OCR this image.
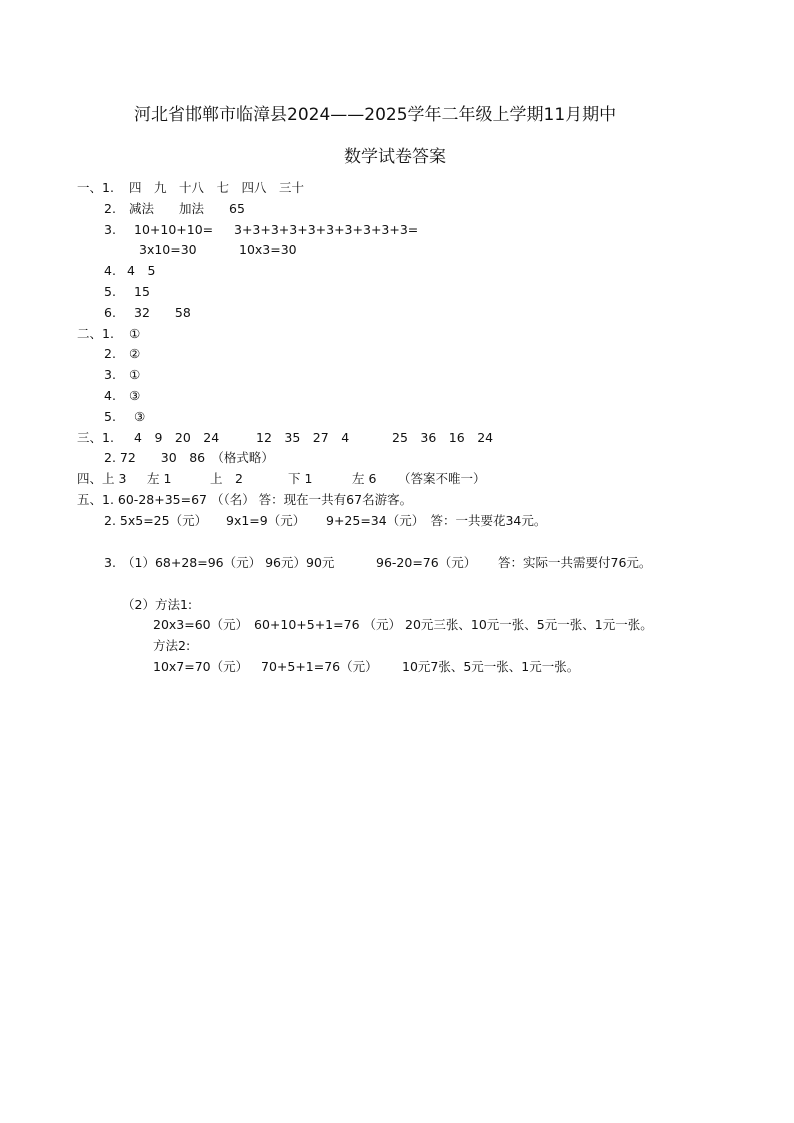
河北省邯郸市临漳县2024——2025学年二年级上学期11月期中
数学试卷答案
一、1. 四　九　十八　七　四八　三十
2. 减法　　加法　　65
3. 10+10+10= 3+3+3+3+3+3+3+3+3+3=
3x10=30	10x3=30
4. 4　5
5. 15
6. 32　　58
二、1. ①
2. ②
3. ①
4. ③
5. ③
三、1. 4　9　20　24	12　35　27　4	25　36　16　24
2. 72　　30　86　（格式略）
四、上 3 左 1	上　2	下 1	左 6 （答案不唯一）
五、1. 60-28+35=67 （（名） 答：现在一共有67名游客。
2. 5x5=25（元） 9x1=9（元） 9+25=34（元）　答：一共要花34元。
3. （1）68+28=96（元） 96元）90元	96-20=76（元） 答：实际一共需要付76元。
（2）方法1:
20x3=60（元） 60+10+5+1=76 （元） 20元三张、10元一张、5元一张、1元一张。
方法2:
10x7=70（元） 70+5+1=76（元） 10元7张、5元一张、1元一张。
